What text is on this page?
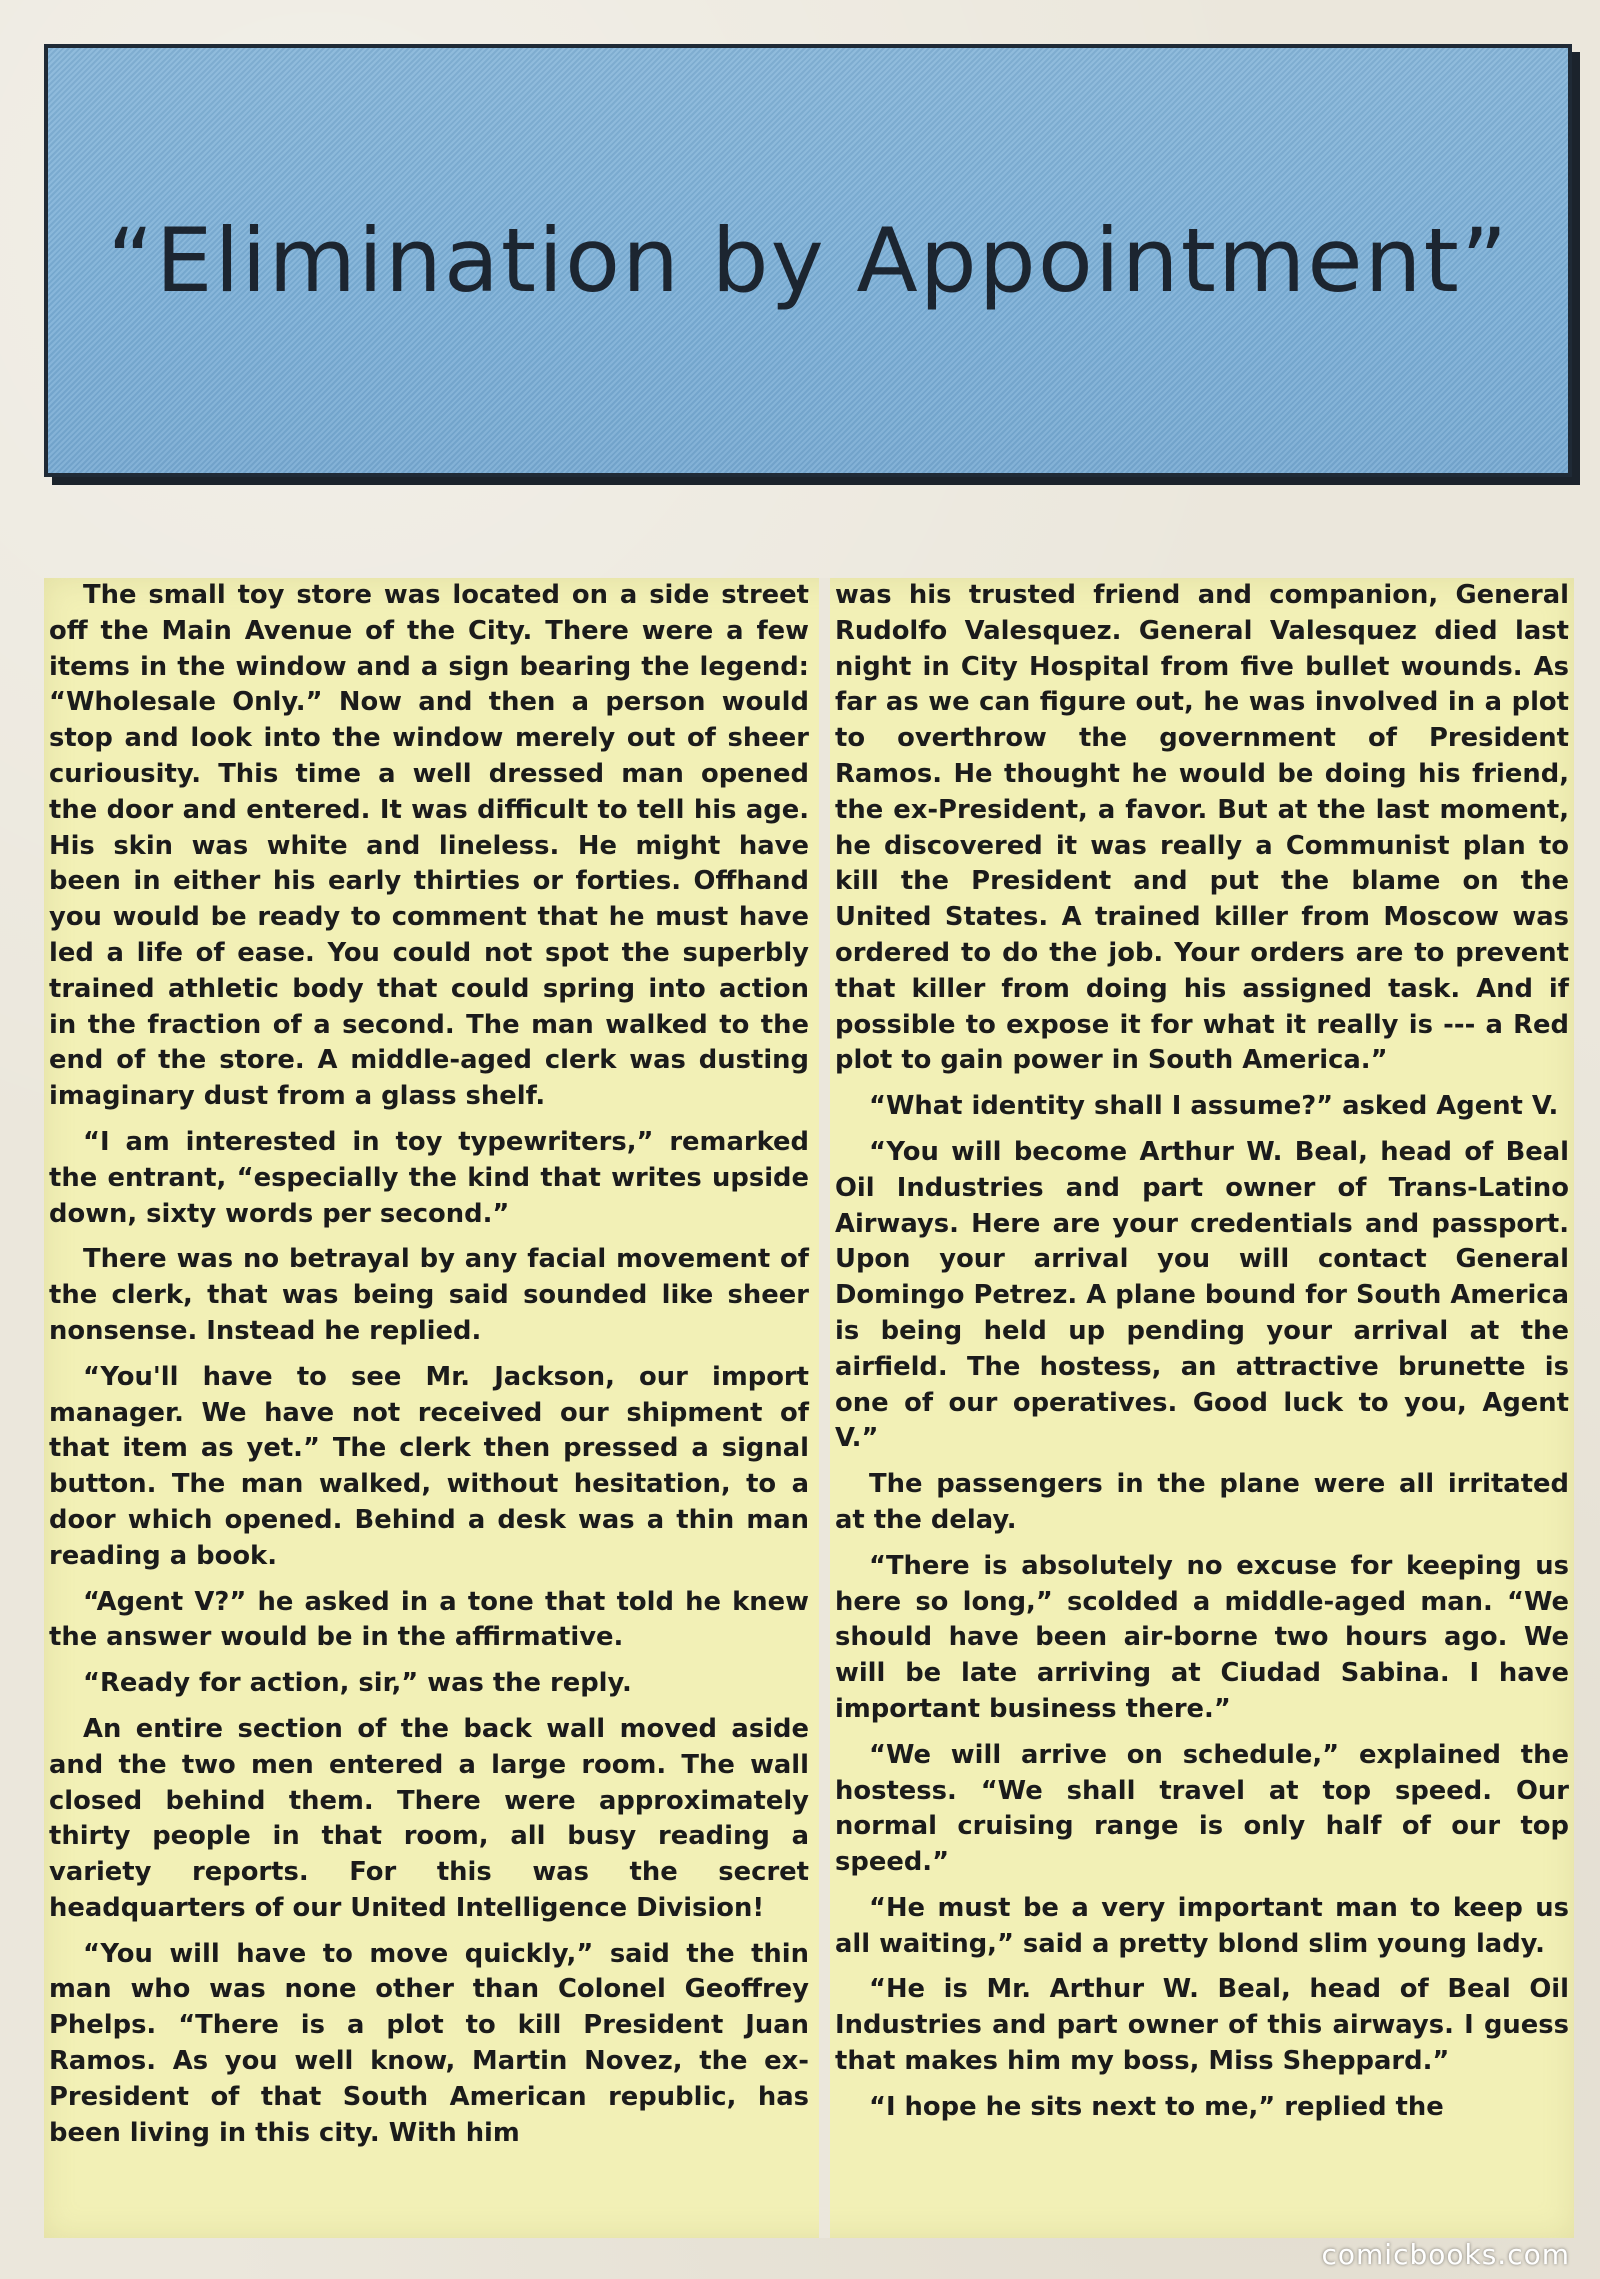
“Elimination by Appointment”

The small toy store was located on a side street off the Main Avenue of the City. There were a few items in the window and a sign bearing the legend: “Wholesale Only.” Now and then a person would stop and look into the window merely out of sheer curiousity. This time a well dressed man opened the door and entered. It was difficult to tell his age. His skin was white and lineless. He might have been in either his early thirties or forties. Offhand you would be ready to comment that he must have led a life of ease. You could not spot the superbly trained athletic body that could spring into action in the fraction of a second. The man walked to the end of the store. A middle-aged clerk was dusting imaginary dust from a glass shelf.

“I am interested in toy typewriters,” remarked the entrant, “especially the kind that writes upside down, sixty words per second.”

There was no betrayal by any facial movement of the clerk, that was being said sounded like sheer nonsense. Instead he replied.

“You'll have to see Mr. Jackson, our import manager. We have not received our shipment of that item as yet.” The clerk then pressed a signal button. The man walked, without hesitation, to a door which opened. Behind a desk was a thin man reading a book.

“Agent V?” he asked in a tone that told he knew the answer would be in the affirmative.

“Ready for action, sir,” was the reply.

An entire section of the back wall moved aside and the two men entered a large room. The wall closed behind them. There were approximately thirty people in that room, all busy reading a variety reports. For this was the secret headquarters of our United Intelligence Division!

“You will have to move quickly,” said the thin man who was none other than Colonel Geoffrey Phelps. “There is a plot to kill President Juan Ramos. As you well know, Martin Novez, the ex-President of that South American republic, has been living in this city. With him

was his trusted friend and companion, General Rudolfo Valesquez. General Valesquez died last night in City Hospital from five bullet wounds. As far as we can figure out, he was involved in a plot to overthrow the government of President Ramos. He thought he would be doing his friend, the ex-President, a favor. But at the last moment, he discovered it was really a Communist plan to kill the President and put the blame on the United States. A trained killer from Moscow was ordered to do the job. Your orders are to prevent that killer from doing his assigned task. And if possible to expose it for what it really is --- a Red plot to gain power in South America.”

“What identity shall I assume?” asked Agent V.

“You will become Arthur W. Beal, head of Beal Oil Industries and part owner of Trans-Latino Airways. Here are your credentials and passport. Upon your arrival you will contact General Domingo Petrez. A plane bound for South America is being held up pending your arrival at the airfield. The hostess, an attractive brunette is one of our operatives. Good luck to you, Agent V.”

The passengers in the plane were all irritated at the delay.

“There is absolutely no excuse for keeping us here so long,” scolded a middle-aged man. “We should have been air-borne two hours ago. We will be late arriving at Ciudad Sabina. I have important business there.”

“We will arrive on schedule,” explained the hostess. “We shall travel at top speed. Our normal cruising range is only half of our top speed.”

“He must be a very important man to keep us all waiting,” said a pretty blond slim young lady.

“He is Mr. Arthur W. Beal, head of Beal Oil Industries and part owner of this airways. I guess that makes him my boss, Miss Sheppard.”

“I hope he sits next to me,” replied the

comicbooks.com
